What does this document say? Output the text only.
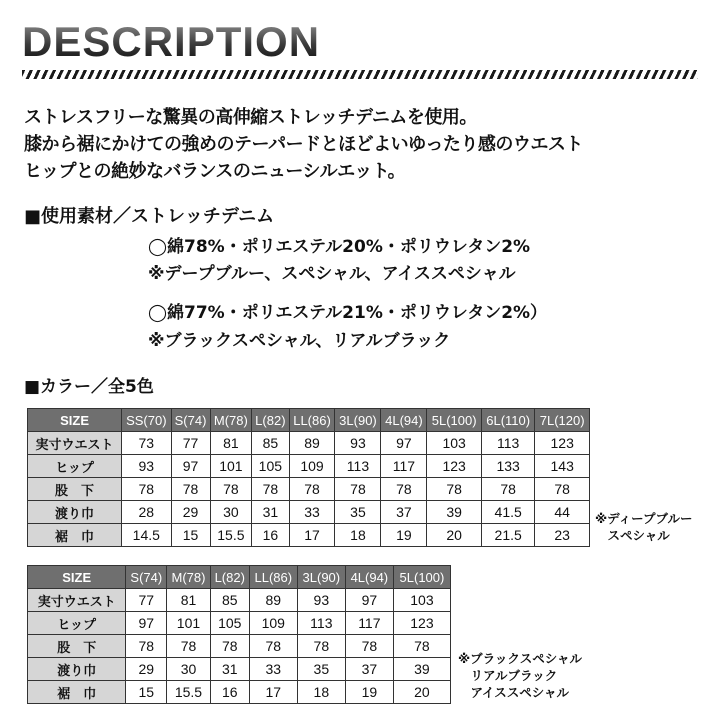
DESCRIPTION
ストレスフリーな驚異の高伸縮ストレッチデニムを使用。
膝から裾にかけての強めのテーパードとほどよいゆったり感のウエスト
ヒップとの絶妙なバランスのニューシルエット。
■使用素材／ストレッチデニム
◯綿78%・ポリエステル20%・ポリウレタン2%
※デープブルー、スペシャル、アイススペシャル
◯綿77%・ポリエステル21%・ポリウレタン2%）
※ブラックスペシャル、リアルブラック
■カラー／全5色
SIZE	SS(70)	S(74)	M(78)	L(82)	LL(86)	3L(90)	4L(94)	5L(100)	6L(110)	7L(120)
実寸ウエスト	73	77	81	85	89	93	97	103	113	123
ヒップ	93	97	101	105	109	113	117	123	133	143
股　下	78	78	78	78	78	78	78	78	78	78
渡り巾	28	29	30	31	33	35	37	39	41.5	44
裾　巾	14.5	15	15.5	16	17	18	19	20	21.5	23
※ディープブルー
　スペシャル
SIZE	S(74)	M(78)	L(82)	LL(86)	3L(90)	4L(94)	5L(100)
実寸ウエスト	77	81	85	89	93	97	103
ヒップ	97	101	105	109	113	117	123
股　下	78	78	78	78	78	78	78
渡り巾	29	30	31	33	35	37	39
裾　巾	15	15.5	16	17	18	19	20
※ブラックスペシャル
　リアルブラック
　アイススペシャル
